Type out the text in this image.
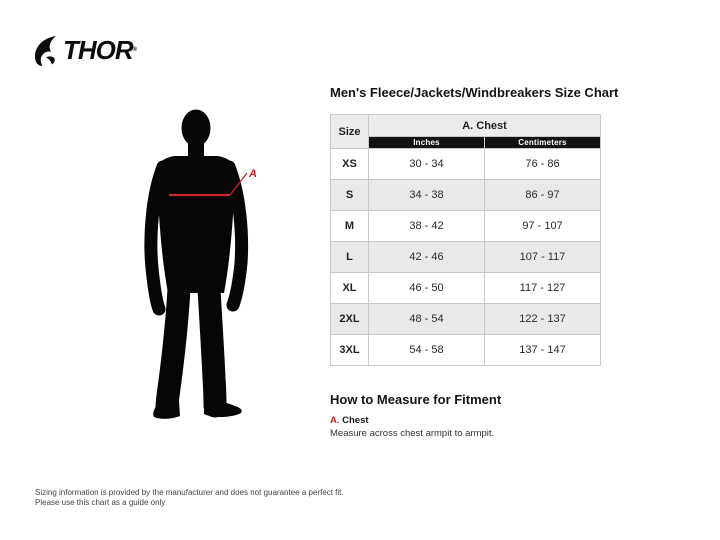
THOR®
A
Men's Fleece/Jackets/Windbreakers Size Chart
Size	A. Chest	
	Inches	Centimeters
XS	30 - 34	76 - 86
S	34 - 38	86 - 97
M	38 - 42	97 - 107
L	42 - 46	107 - 117
XL	46 - 50	117 - 127
2XL	48 - 54	122 - 137
3XL	54 - 58	137 - 147
How to Measure for Fitment
A. Chest
Measure across chest armpit to armpit.
Sizing information is provided by the manufacturer and does not guarantee a perfect fit.
Please use this chart as a guide only
